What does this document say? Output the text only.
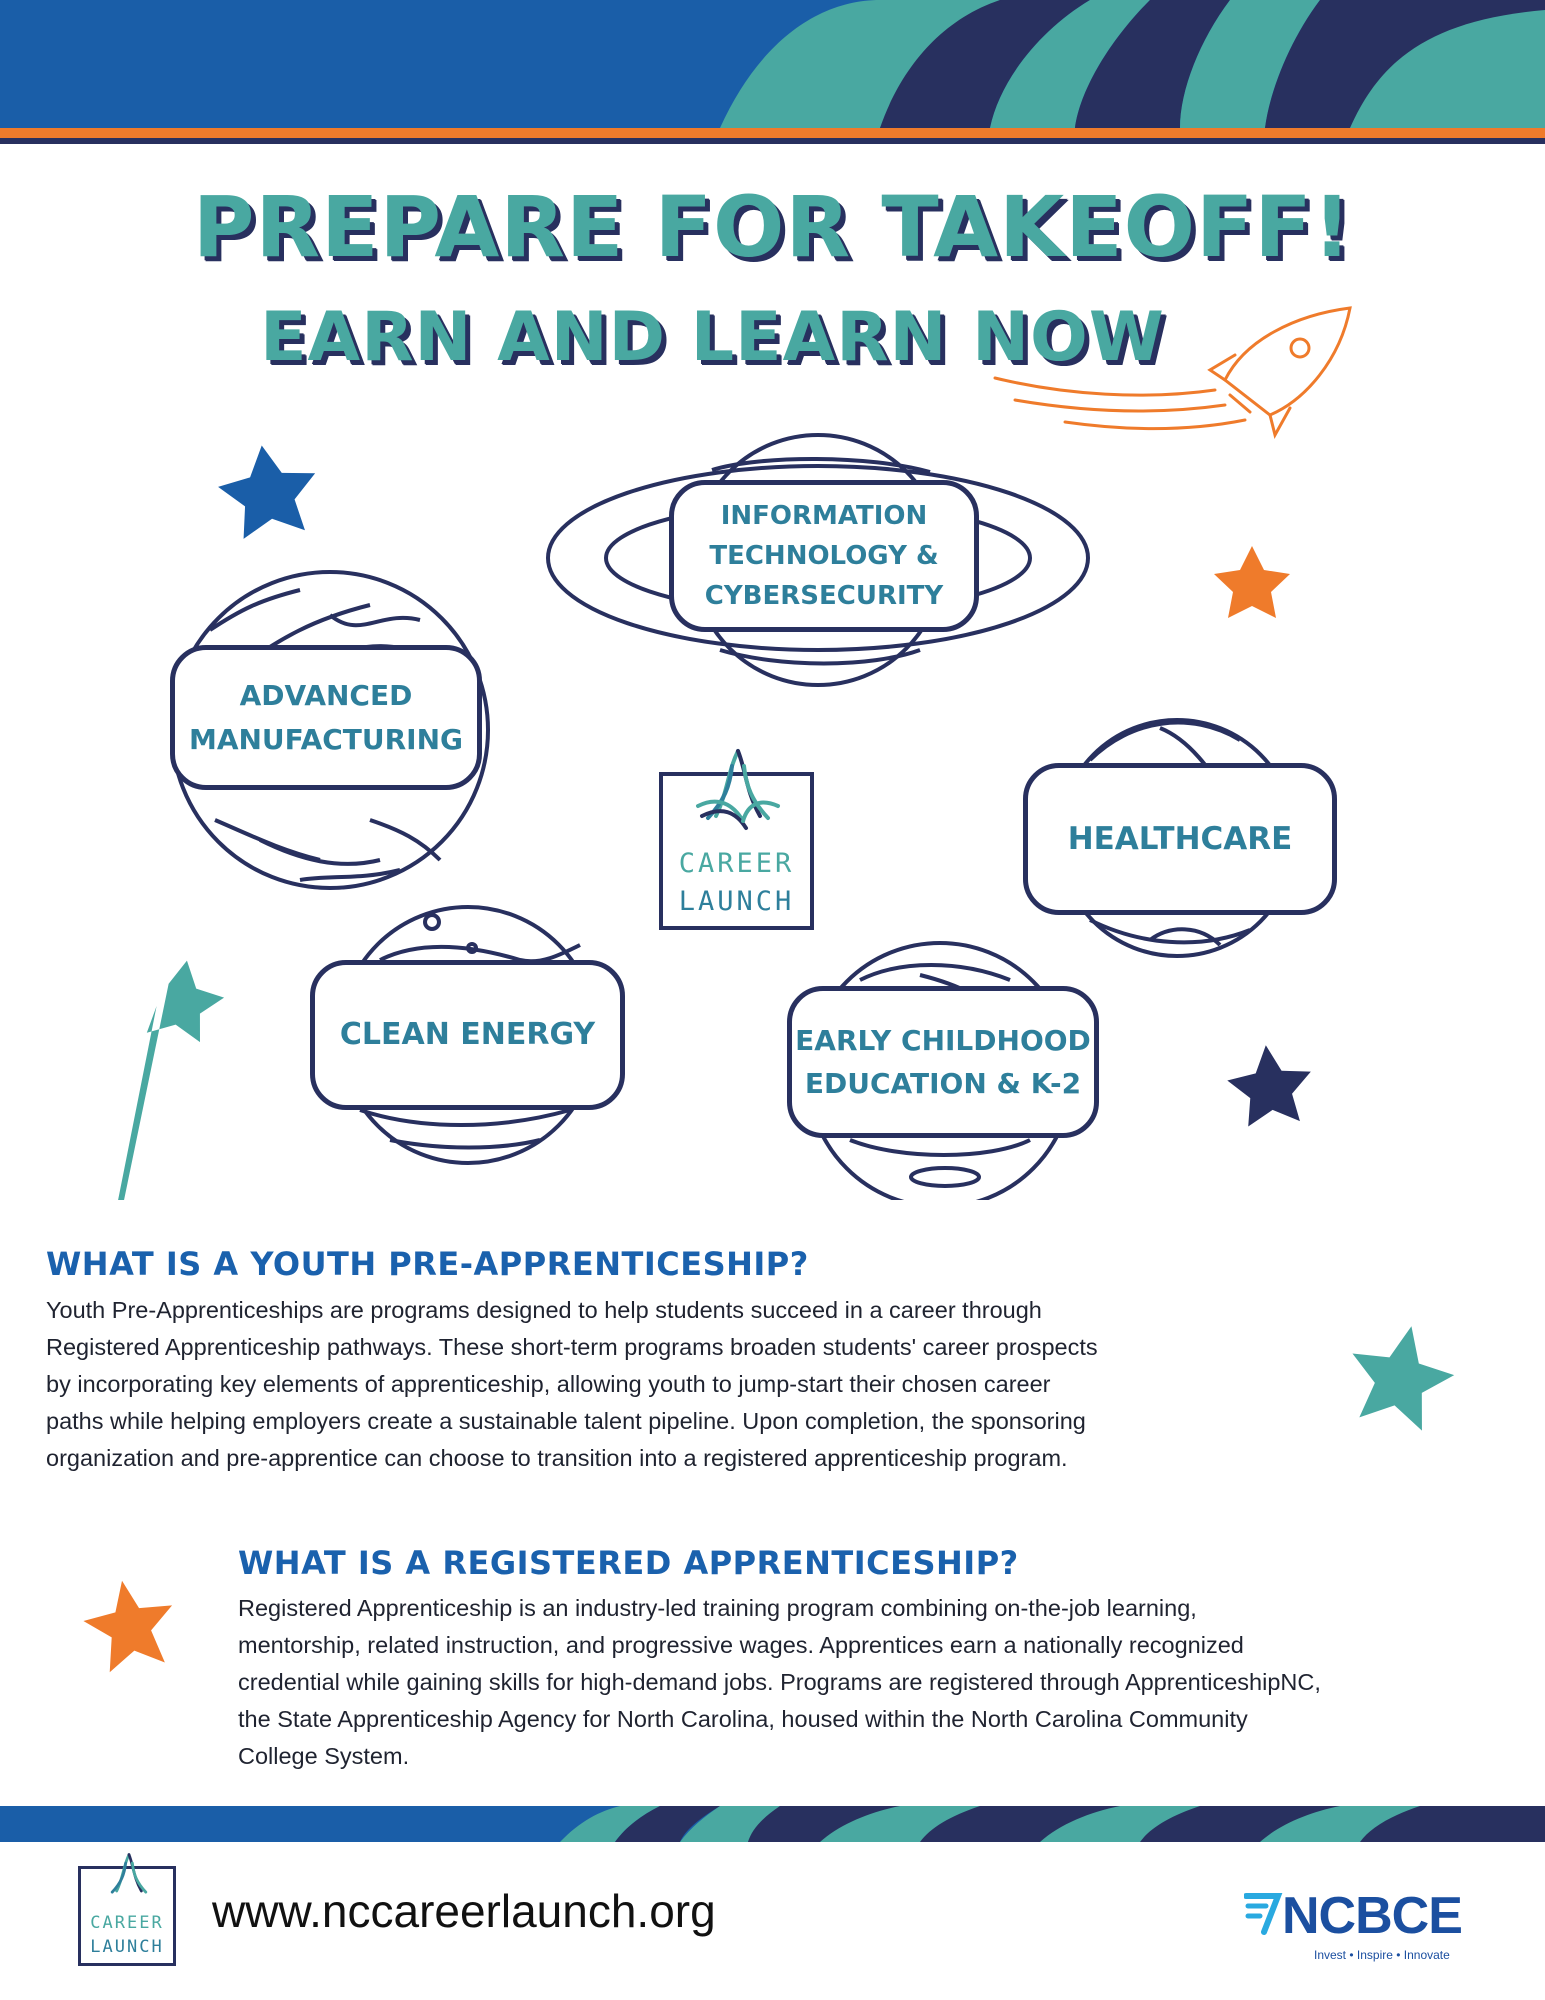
PREPARE FOR TAKEOFF!
EARN AND LEARN NOW
INFORMATION
TECHNOLOGY &
CYBERSECURITY
ADVANCED
MANUFACTURING
HEALTHCARE
CLEAN ENERGY	EARLY CHILDHOOD
EDUCATION & K-2
CAREER
LAUNCH
WHAT IS A YOUTH PRE-APPRENTICESHIP?
Youth Pre-Apprenticeships are programs designed to help students succeed in a career through
Registered Apprenticeship pathways. These short-term programs broaden students' career prospects
by incorporating key elements of apprenticeship, allowing youth to jump-start their chosen career
paths while helping employers create a sustainable talent pipeline. Upon completion, the sponsoring
organization and pre-apprentice can choose to transition into a registered apprenticeship program.
WHAT IS A REGISTERED APPRENTICESHIP?
Registered Apprenticeship is an industry-led training program combining on-the-job learning,
mentorship, related instruction, and progressive wages. Apprentices earn a nationally recognized
credential while gaining skills for high-demand jobs. Programs are registered through ApprenticeshipNC,
the State Apprenticeship Agency for North Carolina, housed within the North Carolina Community
College System.
CAREER
LAUNCH
www.nccareerlaunch.org	NCBCE
Invest • Inspire • Innovate
